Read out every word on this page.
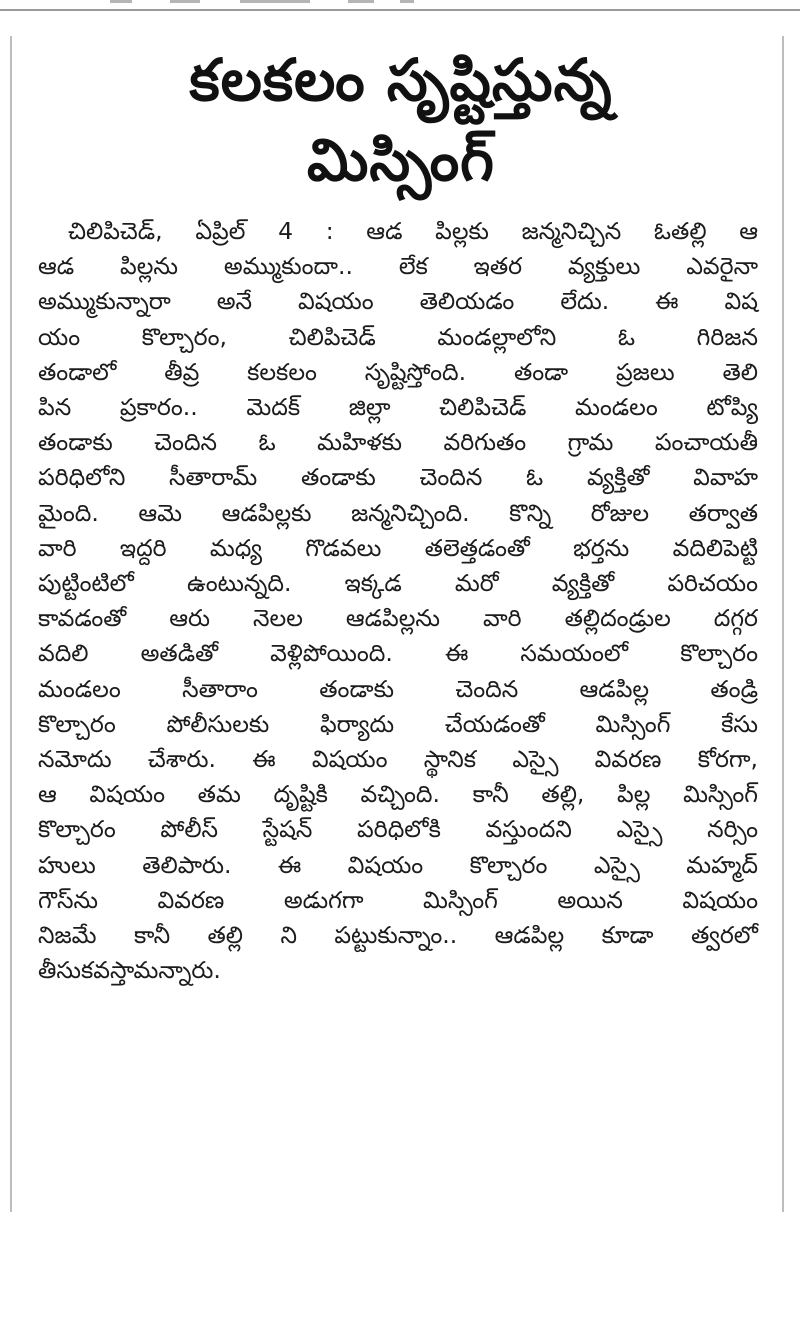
కలకలం సృష్టిస్తున్న
మిస్సింగ్
చిలిపిచెడ్, ఏప్రిల్ 4 : ఆడ పిల్లకు జన్మనిచ్చిన ఓతల్లి ఆ
ఆడ పిల్లను అమ్ముకుందా.. లేక ఇతర వ్యక్తులు ఎవరైనా
అమ్ముకున్నారా అనే విషయం తెలియడం లేదు. ఈ విష
యం కొల్చారం, చిలిపిచెడ్ మండల్లాలోని ఓ గిరిజన
తండాలో తీవ్ర కలకలం సృష్టిస్తోంది. తండా ప్రజలు తెలి
పిన ప్రకారం.. మెదక్ జిల్లా చిలిపిచెడ్ మండలం టోప్యి
తండాకు చెందిన ఓ మహిళకు వరిగుతం గ్రామ పంచాయతీ
పరిధిలోని సీతారామ్ తండాకు చెందిన ఓ వ్యక్తితో వివాహ
మైంది. ఆమె ఆడపిల్లకు జన్మనిచ్చింది. కొన్ని రోజుల తర్వాత
వారి ఇద్దరి మధ్య గొడవలు తలెత్తడంతో భర్తను వదిలిపెట్టి
పుట్టింటిలో ఉంటున్నది. ఇక్కడ మరో వ్యక్తితో పరిచయం
కావడంతో ఆరు నెలల ఆడపిల్లను వారి తల్లిదండ్రుల దగ్గర
వదిలి అతడితో వెళ్లిపోయింది. ఈ సమయంలో కొల్చారం
మండలం సీతారాం తండాకు చెందిన ఆడపిల్ల తండ్రి
కొల్చారం పోలీసులకు ఫిర్యాదు చేయడంతో మిస్సింగ్ కేసు
నమోదు చేశారు. ఈ విషయం స్థానిక ఎస్సై వివరణ కోరగా,
ఆ విషయం తమ దృష్టికి వచ్చింది. కానీ తల్లి, పిల్ల మిస్సింగ్
కొల్చారం పోలీస్ స్టేషన్ పరిధిలోకి వస్తుందని ఎస్సై నర్సిం
హులు తెలిపారు. ఈ విషయం కొల్చారం ఎస్సై మహ్మద్
గౌస్‌ను వివరణ అడుగగా మిస్సింగ్ అయిన విషయం
నిజమే కానీ తల్లి ని పట్టుకున్నాం.. ఆడపిల్ల కూడా త్వరలో
తీసుకవస్తామన్నారు.
